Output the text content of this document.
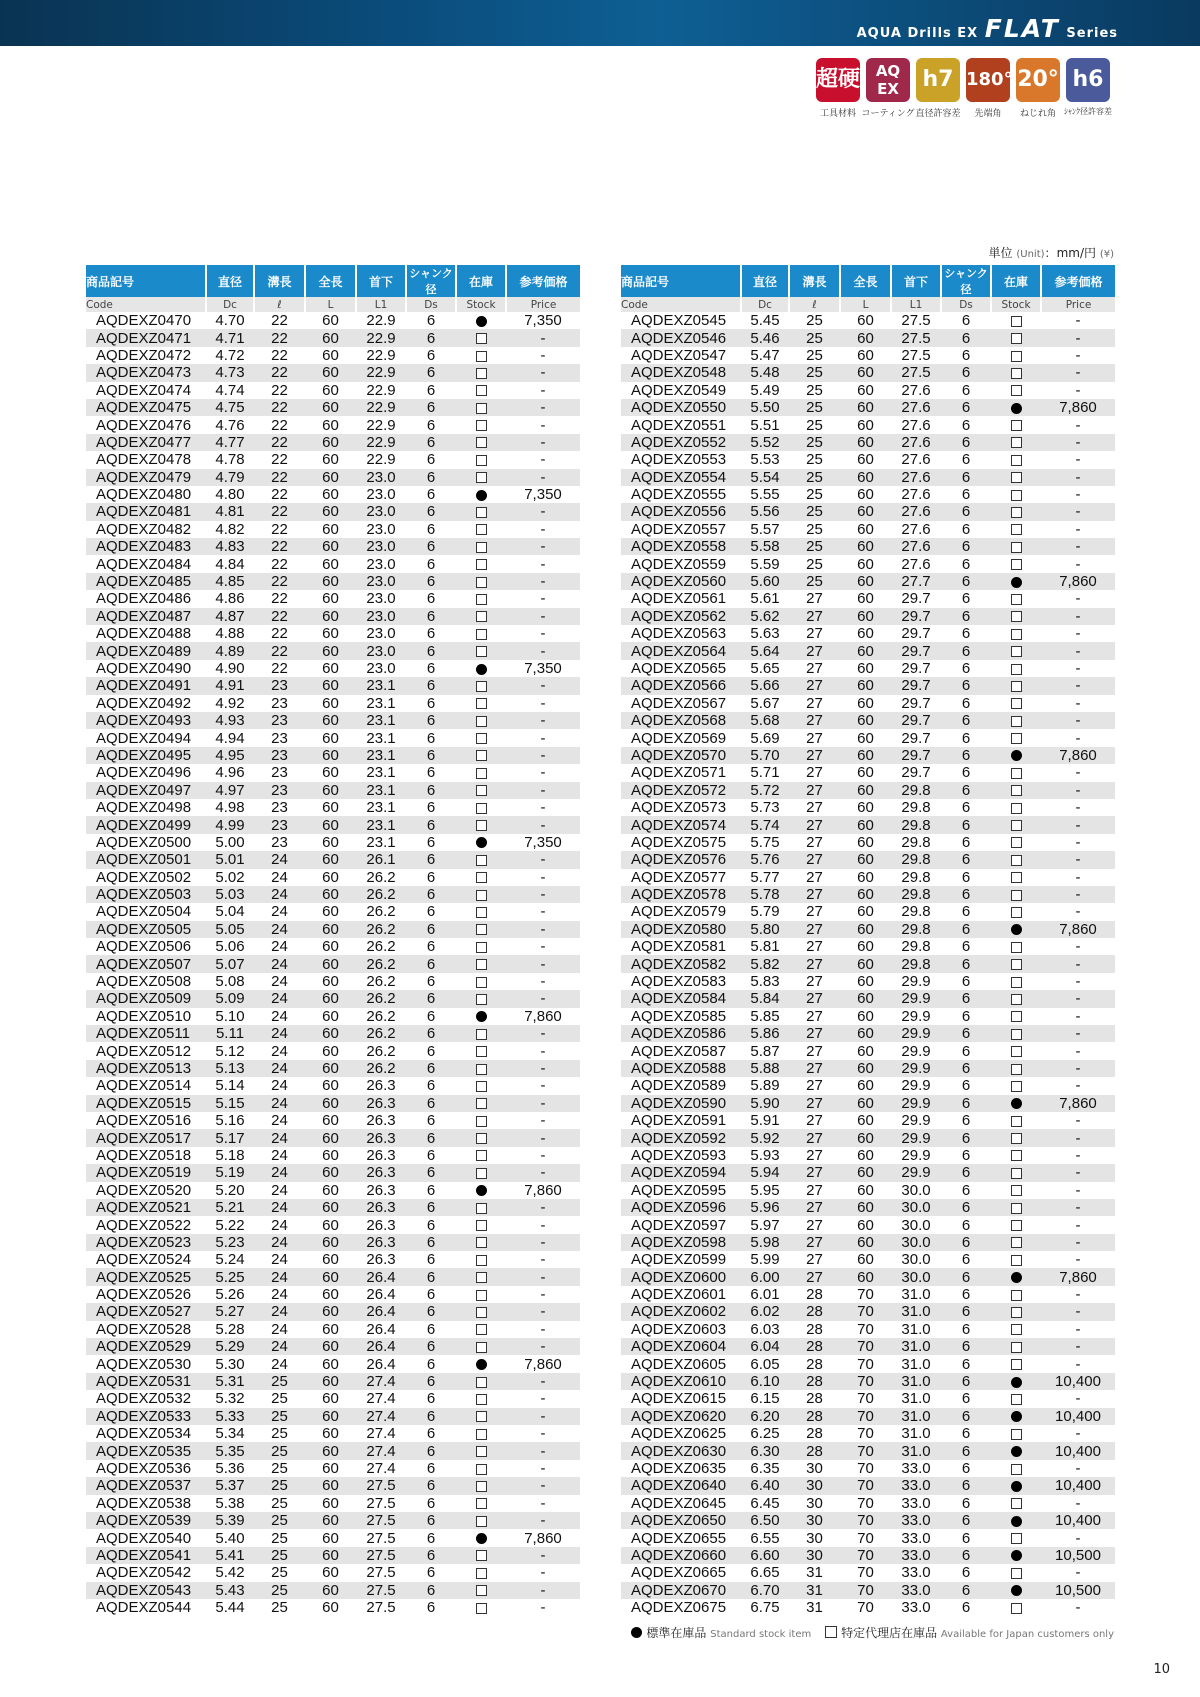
AQUA Drills EX FLAT Series
超硬
工具材料
AQ EX
コーティング
h7
直径許容差
180°
先端角
20°
ねじれ角
h6
ｼｬﾝｸ径許容差
単位 (Unit)：mm/円 (¥)
商品記号	直径	溝長	全長	首下	シャンク径	在庫	参考価格
Code	Dc	ℓ	L	L1	Ds	Stock	Price
AQDEXZ0470	4.70	22	60	22.9	6		7,350
AQDEXZ0471	4.71	22	60	22.9	6		-
AQDEXZ0472	4.72	22	60	22.9	6		-
AQDEXZ0473	4.73	22	60	22.9	6		-
AQDEXZ0474	4.74	22	60	22.9	6		-
AQDEXZ0475	4.75	22	60	22.9	6		-
AQDEXZ0476	4.76	22	60	22.9	6		-
AQDEXZ0477	4.77	22	60	22.9	6		-
AQDEXZ0478	4.78	22	60	22.9	6		-
AQDEXZ0479	4.79	22	60	23.0	6		-
AQDEXZ0480	4.80	22	60	23.0	6		7,350
AQDEXZ0481	4.81	22	60	23.0	6		-
AQDEXZ0482	4.82	22	60	23.0	6		-
AQDEXZ0483	4.83	22	60	23.0	6		-
AQDEXZ0484	4.84	22	60	23.0	6		-
AQDEXZ0485	4.85	22	60	23.0	6		-
AQDEXZ0486	4.86	22	60	23.0	6		-
AQDEXZ0487	4.87	22	60	23.0	6		-
AQDEXZ0488	4.88	22	60	23.0	6		-
AQDEXZ0489	4.89	22	60	23.0	6		-
AQDEXZ0490	4.90	22	60	23.0	6		7,350
AQDEXZ0491	4.91	23	60	23.1	6		-
AQDEXZ0492	4.92	23	60	23.1	6		-
AQDEXZ0493	4.93	23	60	23.1	6		-
AQDEXZ0494	4.94	23	60	23.1	6		-
AQDEXZ0495	4.95	23	60	23.1	6		-
AQDEXZ0496	4.96	23	60	23.1	6		-
AQDEXZ0497	4.97	23	60	23.1	6		-
AQDEXZ0498	4.98	23	60	23.1	6		-
AQDEXZ0499	4.99	23	60	23.1	6		-
AQDEXZ0500	5.00	23	60	23.1	6		7,350
AQDEXZ0501	5.01	24	60	26.1	6		-
AQDEXZ0502	5.02	24	60	26.2	6		-
AQDEXZ0503	5.03	24	60	26.2	6		-
AQDEXZ0504	5.04	24	60	26.2	6		-
AQDEXZ0505	5.05	24	60	26.2	6		-
AQDEXZ0506	5.06	24	60	26.2	6		-
AQDEXZ0507	5.07	24	60	26.2	6		-
AQDEXZ0508	5.08	24	60	26.2	6		-
AQDEXZ0509	5.09	24	60	26.2	6		-
AQDEXZ0510	5.10	24	60	26.2	6		7,860
AQDEXZ0511	5.11	24	60	26.2	6		-
AQDEXZ0512	5.12	24	60	26.2	6		-
AQDEXZ0513	5.13	24	60	26.2	6		-
AQDEXZ0514	5.14	24	60	26.3	6		-
AQDEXZ0515	5.15	24	60	26.3	6		-
AQDEXZ0516	5.16	24	60	26.3	6		-
AQDEXZ0517	5.17	24	60	26.3	6		-
AQDEXZ0518	5.18	24	60	26.3	6		-
AQDEXZ0519	5.19	24	60	26.3	6		-
AQDEXZ0520	5.20	24	60	26.3	6		7,860
AQDEXZ0521	5.21	24	60	26.3	6		-
AQDEXZ0522	5.22	24	60	26.3	6		-
AQDEXZ0523	5.23	24	60	26.3	6		-
AQDEXZ0524	5.24	24	60	26.3	6		-
AQDEXZ0525	5.25	24	60	26.4	6		-
AQDEXZ0526	5.26	24	60	26.4	6		-
AQDEXZ0527	5.27	24	60	26.4	6		-
AQDEXZ0528	5.28	24	60	26.4	6		-
AQDEXZ0529	5.29	24	60	26.4	6		-
AQDEXZ0530	5.30	24	60	26.4	6		7,860
AQDEXZ0531	5.31	25	60	27.4	6		-
AQDEXZ0532	5.32	25	60	27.4	6		-
AQDEXZ0533	5.33	25	60	27.4	6		-
AQDEXZ0534	5.34	25	60	27.4	6		-
AQDEXZ0535	5.35	25	60	27.4	6		-
AQDEXZ0536	5.36	25	60	27.4	6		-
AQDEXZ0537	5.37	25	60	27.5	6		-
AQDEXZ0538	5.38	25	60	27.5	6		-
AQDEXZ0539	5.39	25	60	27.5	6		-
AQDEXZ0540	5.40	25	60	27.5	6		7,860
AQDEXZ0541	5.41	25	60	27.5	6		-
AQDEXZ0542	5.42	25	60	27.5	6		-
AQDEXZ0543	5.43	25	60	27.5	6		-
AQDEXZ0544	5.44	25	60	27.5	6		-
商品記号	直径	溝長	全長	首下	シャンク径	在庫	参考価格
Code	Dc	ℓ	L	L1	Ds	Stock	Price
AQDEXZ0545	5.45	25	60	27.5	6		-
AQDEXZ0546	5.46	25	60	27.5	6		-
AQDEXZ0547	5.47	25	60	27.5	6		-
AQDEXZ0548	5.48	25	60	27.5	6		-
AQDEXZ0549	5.49	25	60	27.6	6		-
AQDEXZ0550	5.50	25	60	27.6	6		7,860
AQDEXZ0551	5.51	25	60	27.6	6		-
AQDEXZ0552	5.52	25	60	27.6	6		-
AQDEXZ0553	5.53	25	60	27.6	6		-
AQDEXZ0554	5.54	25	60	27.6	6		-
AQDEXZ0555	5.55	25	60	27.6	6		-
AQDEXZ0556	5.56	25	60	27.6	6		-
AQDEXZ0557	5.57	25	60	27.6	6		-
AQDEXZ0558	5.58	25	60	27.6	6		-
AQDEXZ0559	5.59	25	60	27.6	6		-
AQDEXZ0560	5.60	25	60	27.7	6		7,860
AQDEXZ0561	5.61	27	60	29.7	6		-
AQDEXZ0562	5.62	27	60	29.7	6		-
AQDEXZ0563	5.63	27	60	29.7	6		-
AQDEXZ0564	5.64	27	60	29.7	6		-
AQDEXZ0565	5.65	27	60	29.7	6		-
AQDEXZ0566	5.66	27	60	29.7	6		-
AQDEXZ0567	5.67	27	60	29.7	6		-
AQDEXZ0568	5.68	27	60	29.7	6		-
AQDEXZ0569	5.69	27	60	29.7	6		-
AQDEXZ0570	5.70	27	60	29.7	6		7,860
AQDEXZ0571	5.71	27	60	29.7	6		-
AQDEXZ0572	5.72	27	60	29.8	6		-
AQDEXZ0573	5.73	27	60	29.8	6		-
AQDEXZ0574	5.74	27	60	29.8	6		-
AQDEXZ0575	5.75	27	60	29.8	6		-
AQDEXZ0576	5.76	27	60	29.8	6		-
AQDEXZ0577	5.77	27	60	29.8	6		-
AQDEXZ0578	5.78	27	60	29.8	6		-
AQDEXZ0579	5.79	27	60	29.8	6		-
AQDEXZ0580	5.80	27	60	29.8	6		7,860
AQDEXZ0581	5.81	27	60	29.8	6		-
AQDEXZ0582	5.82	27	60	29.8	6		-
AQDEXZ0583	5.83	27	60	29.9	6		-
AQDEXZ0584	5.84	27	60	29.9	6		-
AQDEXZ0585	5.85	27	60	29.9	6		-
AQDEXZ0586	5.86	27	60	29.9	6		-
AQDEXZ0587	5.87	27	60	29.9	6		-
AQDEXZ0588	5.88	27	60	29.9	6		-
AQDEXZ0589	5.89	27	60	29.9	6		-
AQDEXZ0590	5.90	27	60	29.9	6		7,860
AQDEXZ0591	5.91	27	60	29.9	6		-
AQDEXZ0592	5.92	27	60	29.9	6		-
AQDEXZ0593	5.93	27	60	29.9	6		-
AQDEXZ0594	5.94	27	60	29.9	6		-
AQDEXZ0595	5.95	27	60	30.0	6		-
AQDEXZ0596	5.96	27	60	30.0	6		-
AQDEXZ0597	5.97	27	60	30.0	6		-
AQDEXZ0598	5.98	27	60	30.0	6		-
AQDEXZ0599	5.99	27	60	30.0	6		-
AQDEXZ0600	6.00	27	60	30.0	6		7,860
AQDEXZ0601	6.01	28	70	31.0	6		-
AQDEXZ0602	6.02	28	70	31.0	6		-
AQDEXZ0603	6.03	28	70	31.0	6		-
AQDEXZ0604	6.04	28	70	31.0	6		-
AQDEXZ0605	6.05	28	70	31.0	6		-
AQDEXZ0610	6.10	28	70	31.0	6		10,400
AQDEXZ0615	6.15	28	70	31.0	6		-
AQDEXZ0620	6.20	28	70	31.0	6		10,400
AQDEXZ0625	6.25	28	70	31.0	6		-
AQDEXZ0630	6.30	28	70	31.0	6		10,400
AQDEXZ0635	6.35	30	70	33.0	6		-
AQDEXZ0640	6.40	30	70	33.0	6		10,400
AQDEXZ0645	6.45	30	70	33.0	6		-
AQDEXZ0650	6.50	30	70	33.0	6		10,400
AQDEXZ0655	6.55	30	70	33.0	6		-
AQDEXZ0660	6.60	30	70	33.0	6		10,500
AQDEXZ0665	6.65	31	70	33.0	6		-
AQDEXZ0670	6.70	31	70	33.0	6		10,500
AQDEXZ0675	6.75	31	70	33.0	6		-
標準在庫品 Standard stock item 特定代理店在庫品 Available for Japan customers only
10
